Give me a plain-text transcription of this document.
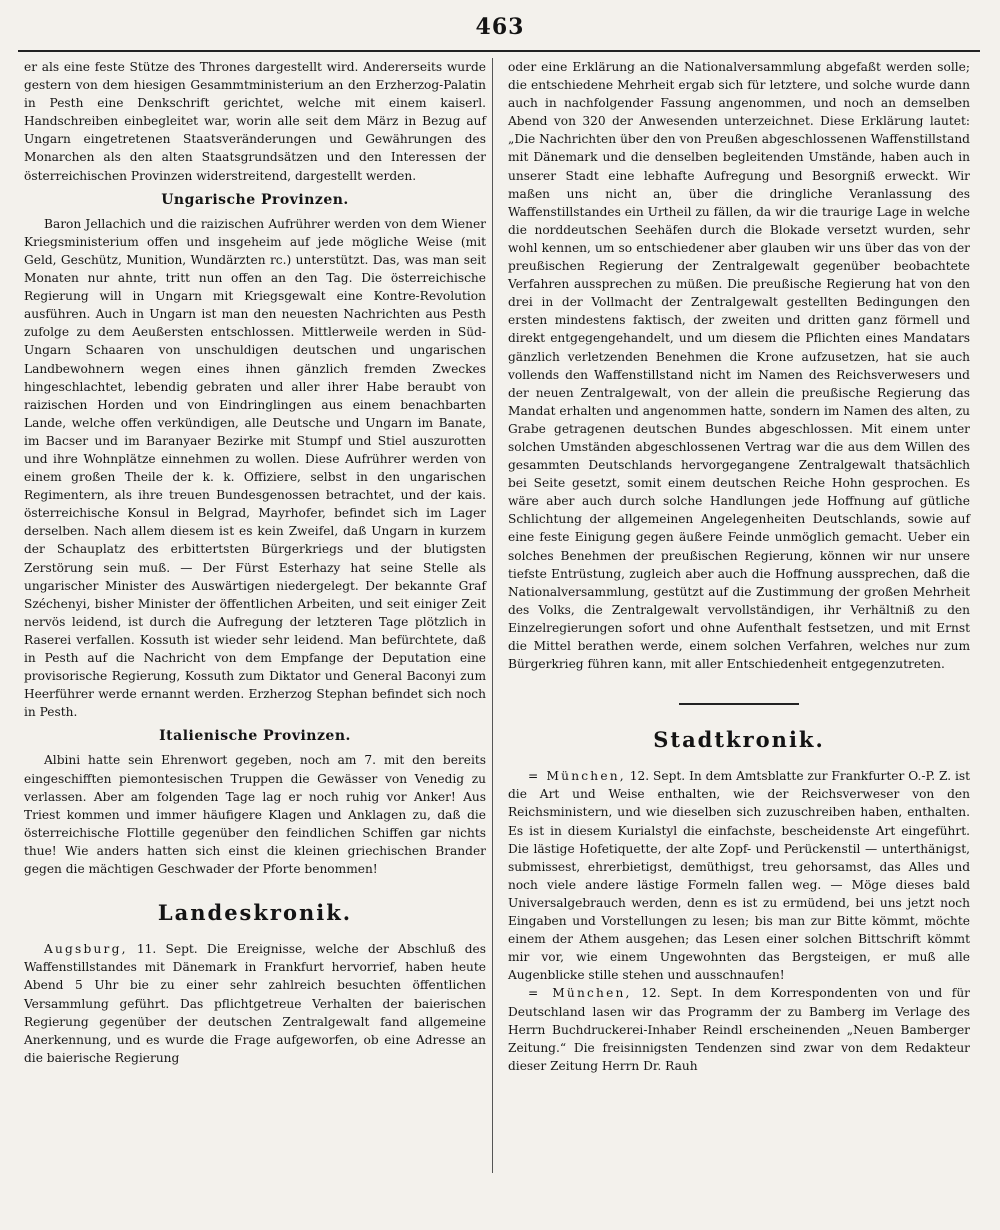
463

er als eine feste Stütze des Thrones dargestellt wird. Andererseits wurde gestern von dem hiesigen Gesammtministerium an den Erzherzog-Palatin in Pesth eine Denkschrift gerichtet, welche mit einem kaiserl. Handschreiben einbegleitet war, worin alle seit dem März in Bezug auf Ungarn eingetretenen Staatsveränderungen und Gewährungen des Monarchen als den alten Staatsgrundsätzen und den Interessen der österreichischen Provinzen widerstreitend, dargestellt werden.

Ungarische Provinzen.

Baron Jellachich und die raizischen Aufrührer werden von dem Wiener Kriegsministerium offen und insgeheim auf jede mögliche Weise (mit Geld, Geschütz, Munition, Wundärzten rc.) unterstützt. Das, was man seit Monaten nur ahnte, tritt nun offen an den Tag. Die österreichische Regierung will in Ungarn mit Kriegsgewalt eine Kontre-Revolution ausführen. Auch in Ungarn ist man den neuesten Nachrichten aus Pesth zufolge zu dem Aeußersten entschlossen. Mittlerweile werden in Süd-Ungarn Schaaren von unschuldigen deutschen und ungarischen Landbewohnern wegen eines ihnen gänzlich fremden Zweckes hingeschlachtet, lebendig gebraten und aller ihrer Habe beraubt von raizischen Horden und von Eindringlingen aus einem benachbarten Lande, welche offen verkündigen, alle Deutsche und Ungarn im Banate, im Bacser und im Baranyaer Bezirke mit Stumpf und Stiel auszurotten und ihre Wohnplätze einnehmen zu wollen. Diese Aufrührer werden von einem großen Theile der k. k. Offiziere, selbst in den ungarischen Regimentern, als ihre treuen Bundesgenossen betrachtet, und der kais. österreichische Konsul in Belgrad, Mayrhofer, befindet sich im Lager derselben. Nach allem diesem ist es kein Zweifel, daß Ungarn in kurzem der Schauplatz des erbittertsten Bürgerkriegs und der blutigsten Zerstörung sein muß. — Der Fürst Esterhazy hat seine Stelle als ungarischer Minister des Auswärtigen niedergelegt. Der bekannte Graf Széchenyi, bisher Minister der öffentlichen Arbeiten, und seit einiger Zeit nervös leidend, ist durch die Aufregung der letzteren Tage plötzlich in Raserei verfallen. Kossuth ist wieder sehr leidend. Man befürchtete, daß in Pesth auf die Nachricht von dem Empfange der Deputation eine provisorische Regierung, Kossuth zum Diktator und General Baconyi zum Heerführer werde ernannt werden. Erzherzog Stephan befindet sich noch in Pesth.

Italienische Provinzen.

Albini hatte sein Ehrenwort gegeben, noch am 7. mit den bereits eingeschifften piemontesischen Truppen die Gewässer von Venedig zu verlassen. Aber am folgenden Tage lag er noch ruhig vor Anker! Aus Triest kommen und immer häufigere Klagen und Anklagen zu, daß die österreichische Flottille gegenüber den feindlichen Schiffen gar nichts thue! Wie anders hatten sich einst die kleinen griechischen Brander gegen die mächtigen Geschwader der Pforte benommen!

Landeskronik.

Augsburg, 11. Sept. Die Ereignisse, welche der Abschluß des Waffenstillstandes mit Dänemark in Frankfurt hervorrief, haben heute Abend 5 Uhr bie zu einer sehr zahlreich besuchten öffentlichen Versammlung geführt. Das pflichtgetreue Verhalten der baierischen Regierung gegenüber der deutschen Zentralgewalt fand allgemeine Anerkennung, und es wurde die Frage aufgeworfen, ob eine Adresse an die baierische Regierung

oder eine Erklärung an die Nationalversammlung abgefaßt werden solle; die entschiedene Mehrheit ergab sich für letztere, und solche wurde dann auch in nachfolgender Fassung angenommen, und noch an demselben Abend von 320 der Anwesenden unterzeichnet. Diese Erklärung lautet: „Die Nachrichten über den von Preußen abgeschlossenen Waffenstillstand mit Dänemark und die denselben begleitenden Umstände, haben auch in unserer Stadt eine lebhafte Aufregung und Besorgniß erweckt. Wir maßen uns nicht an, über die dringliche Veranlassung des Waffenstillstandes ein Urtheil zu fällen, da wir die traurige Lage in welche die norddeutschen Seehäfen durch die Blokade versetzt wurden, sehr wohl kennen, um so entschiedener aber glauben wir uns über das von der preußischen Regierung der Zentralgewalt gegenüber beobachtete Verfahren aussprechen zu müßen. Die preußische Regierung hat von den drei in der Vollmacht der Zentralgewalt gestellten Bedingungen den ersten mindestens faktisch, der zweiten und dritten ganz förmell und direkt entgegengehandelt, und um diesem die Pflichten eines Mandatars gänzlich verletzenden Benehmen die Krone aufzusetzen, hat sie auch vollends den Waffenstillstand nicht im Namen des Reichsverwesers und der neuen Zentralgewalt, von der allein die preußische Regierung das Mandat erhalten und angenommen hatte, sondern im Namen des alten, zu Grabe getragenen deutschen Bundes abgeschlossen. Mit einem unter solchen Umständen abgeschlossenen Vertrag war die aus dem Willen des gesammten Deutschlands hervorgegangene Zentralgewalt thatsächlich bei Seite gesetzt, somit einem deutschen Reiche Hohn gesprochen. Es wäre aber auch durch solche Handlungen jede Hoffnung auf gütliche Schlichtung der allgemeinen Angelegenheiten Deutschlands, sowie auf eine feste Einigung gegen äußere Feinde unmöglich gemacht. Ueber ein solches Benehmen der preußischen Regierung, können wir nur unsere tiefste Entrüstung, zugleich aber auch die Hoffnung aussprechen, daß die Nationalversammlung, gestützt auf die Zustimmung der großen Mehrheit des Volks, die Zentralgewalt vervollständigen, ihr Verhältniß zu den Einzelregierungen sofort und ohne Aufenthalt festsetzen, und mit Ernst die Mittel berathen werde, einem solchen Verfahren, welches nur zum Bürgerkrieg führen kann, mit aller Entschiedenheit entgegenzutreten.

Stadtkronik.

= München, 12. Sept. In dem Amtsblatte zur Frankfurter O.-P. Z. ist die Art und Weise enthalten, wie der Reichsverweser von den Reichsministern, und wie dieselben sich zuzuschreiben haben, enthalten. Es ist in diesem Kurialstyl die einfachste, bescheidenste Art eingeführt. Die lästige Hofetiquette, der alte Zopf- und Perückenstil — unterthänigst, submissest, ehrerbietigst, demüthigst, treu gehorsamst, das Alles und noch viele andere lästige Formeln fallen weg. — Möge dieses bald Universalgebrauch werden, denn es ist zu ermüdend, bei uns jetzt noch Eingaben und Vorstellungen zu lesen; bis man zur Bitte kömmt, möchte einem der Athem ausgehen; das Lesen einer solchen Bittschrift kömmt mir vor, wie einem Ungewohnten das Bergsteigen, er muß alle Augenblicke stille stehen und ausschnaufen!

= München, 12. Sept. In dem Korrespondenten von und für Deutschland lasen wir das Programm der zu Bamberg im Verlage des Herrn Buchdruckerei-Inhaber Reindl erscheinenden „Neuen Bamberger Zeitung.“ Die freisinnigsten Tendenzen sind zwar von dem Redakteur dieser Zeitung Herrn Dr. Rauh
